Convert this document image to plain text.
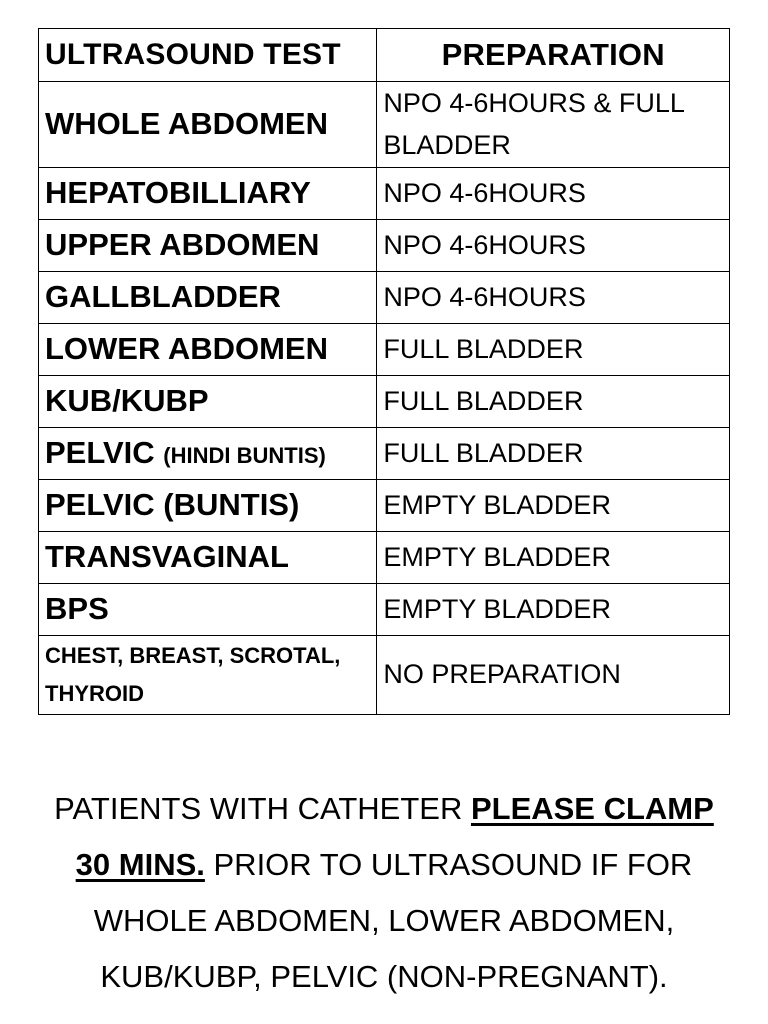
ULTRASOUND TEST	PREPARATION
WHOLE ABDOMEN	NPO 4-6HOURS & FULL BLADDER
HEPATOBILLIARY	NPO 4-6HOURS
UPPER ABDOMEN	NPO 4-6HOURS
GALLBLADDER	NPO 4-6HOURS
LOWER ABDOMEN	FULL BLADDER
KUB/KUBP	FULL BLADDER
PELVIC (HINDI BUNTIS)	FULL BLADDER
PELVIC (BUNTIS)	EMPTY BLADDER
TRANSVAGINAL	EMPTY BLADDER
BPS	EMPTY BLADDER
CHEST, BREAST, SCROTAL, THYROID	NO PREPARATION

PATIENTS WITH CATHETER PLEASE CLAMP 30 MINS. PRIOR TO ULTRASOUND IF FOR WHOLE ABDOMEN, LOWER ABDOMEN, KUB/KUBP, PELVIC (NON-PREGNANT).
